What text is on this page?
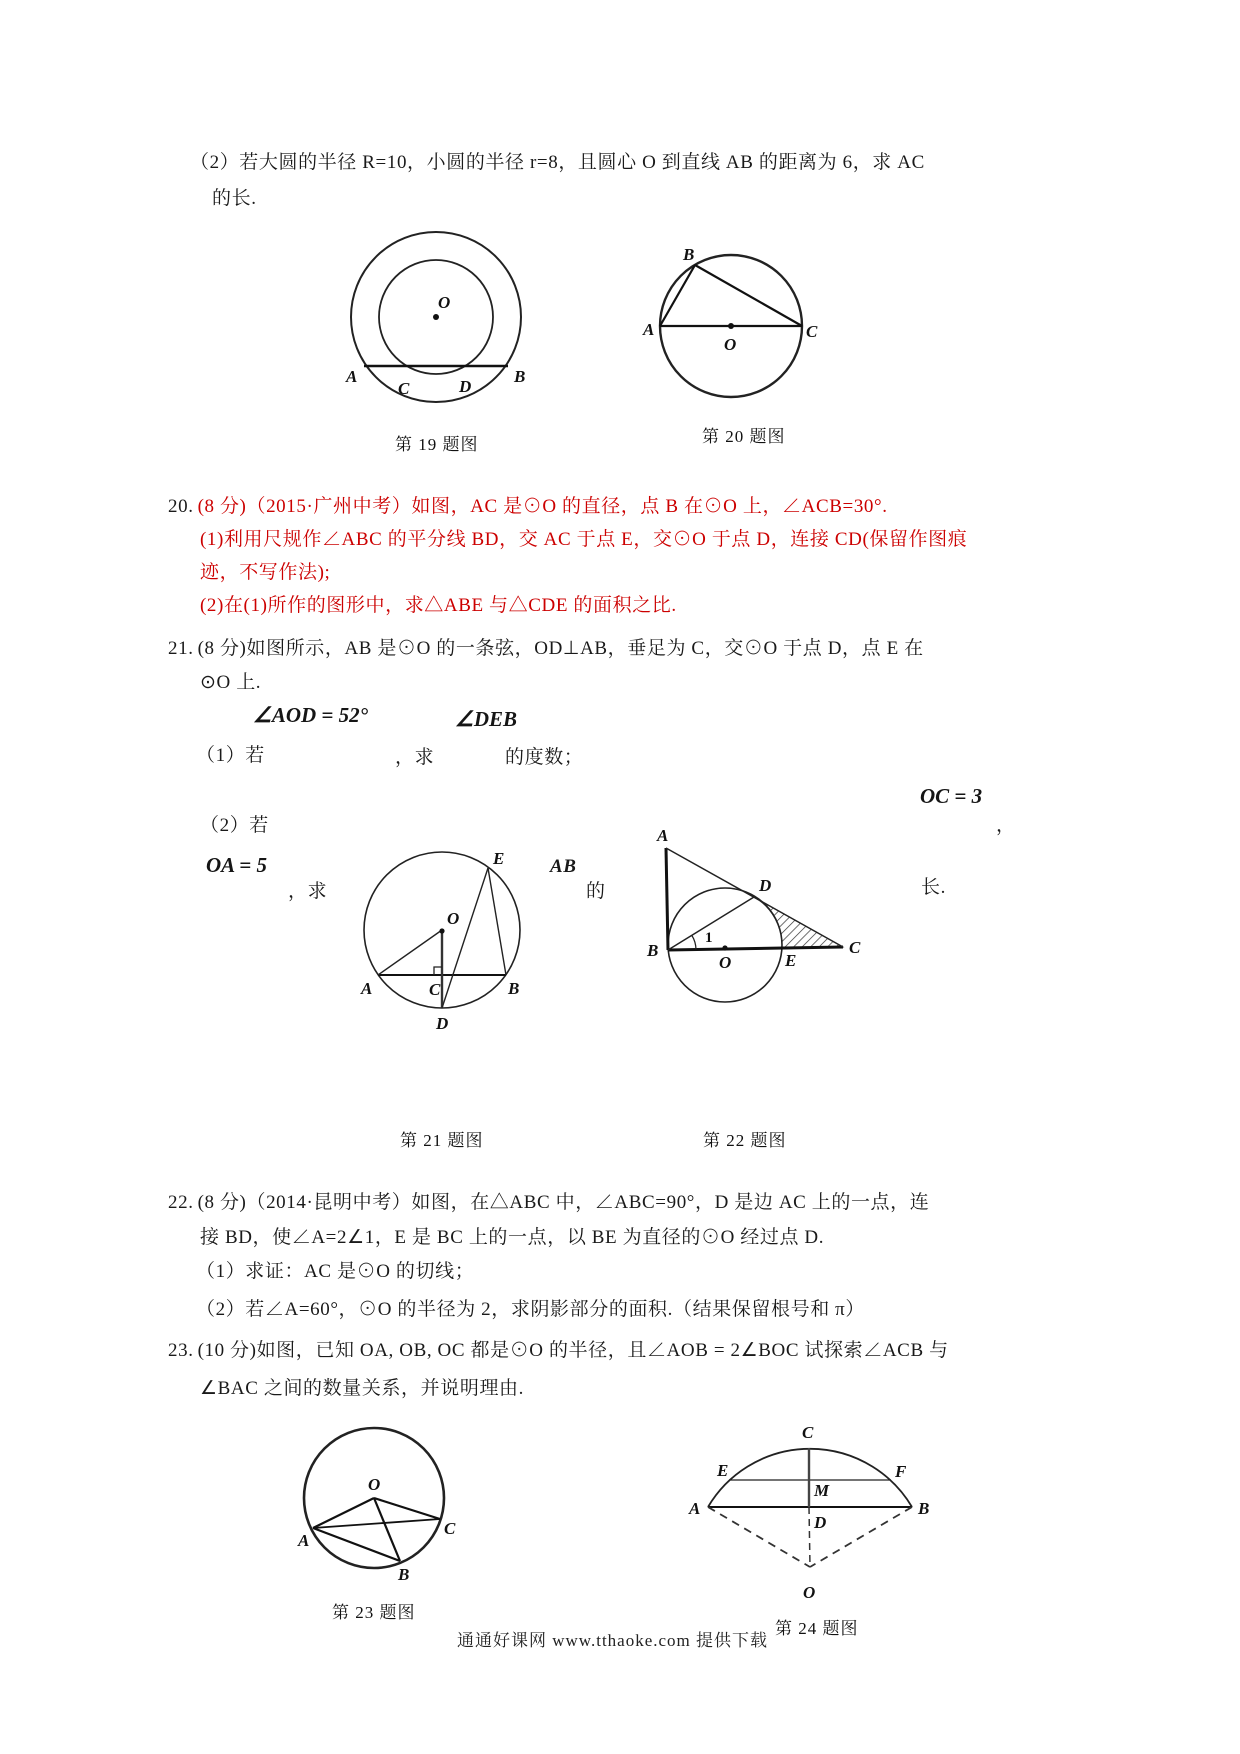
（2）若大圆的半径 R=10，小圆的半径 r=8，且圆心 O 到直线 AB 的距离为 6，求 AC
的长.
O
A
C	D
B
第 19 题图
B
A	C
O
第 20 题图
20. (8 分)（2015·广州中考）如图，AC 是⊙O 的直径，点 B 在⊙O 上，∠ACB=30°.
(1)利用尺规作∠ABC 的平分线 BD，交 AC 于点 E，交⊙O 于点 D，连接 CD(保留作图痕
迹，不写作法);
(2)在(1)所作的图形中，求△ABE 与△CDE 的面积之比.
21. (8 分)如图所示，AB 是⊙O 的一条弦，OD⊥AB，垂足为 C，交⊙O 于点 D，点 E 在
⊙O 上.
∠AOD = 52°	∠DEB
（1）若	，求	的度数；
（2）若
OC = 3
，
OA = 5
，求
AB
的	长.
E
O
A	C	B
D
第 21 题图
A
B	C
D
E
O
1
第 22 题图
22. (8 分)（2014·昆明中考）如图，在△ABC 中，∠ABC=90°，D 是边 AC 上的一点，连
接 BD，使∠A=2∠1，E 是 BC 上的一点，以 BE 为直径的⊙O 经过点 D.
（1）求证：AC 是⊙O 的切线；
（2）若∠A=60°，⊙O 的半径为 2，求阴影部分的面积.（结果保留根号和 π）
23. (10 分)如图，已知 OA, OB, OC 都是⊙O 的半径，且∠AOB = 2∠BOC 试探索∠ACB 与
∠BAC 之间的数量关系，并说明理由.
O
A
B
C
第 23 题图
C
E	F
M
A	B
D
O
第 24 题图
通通好课网 www.tthaoke.com 提供下载
